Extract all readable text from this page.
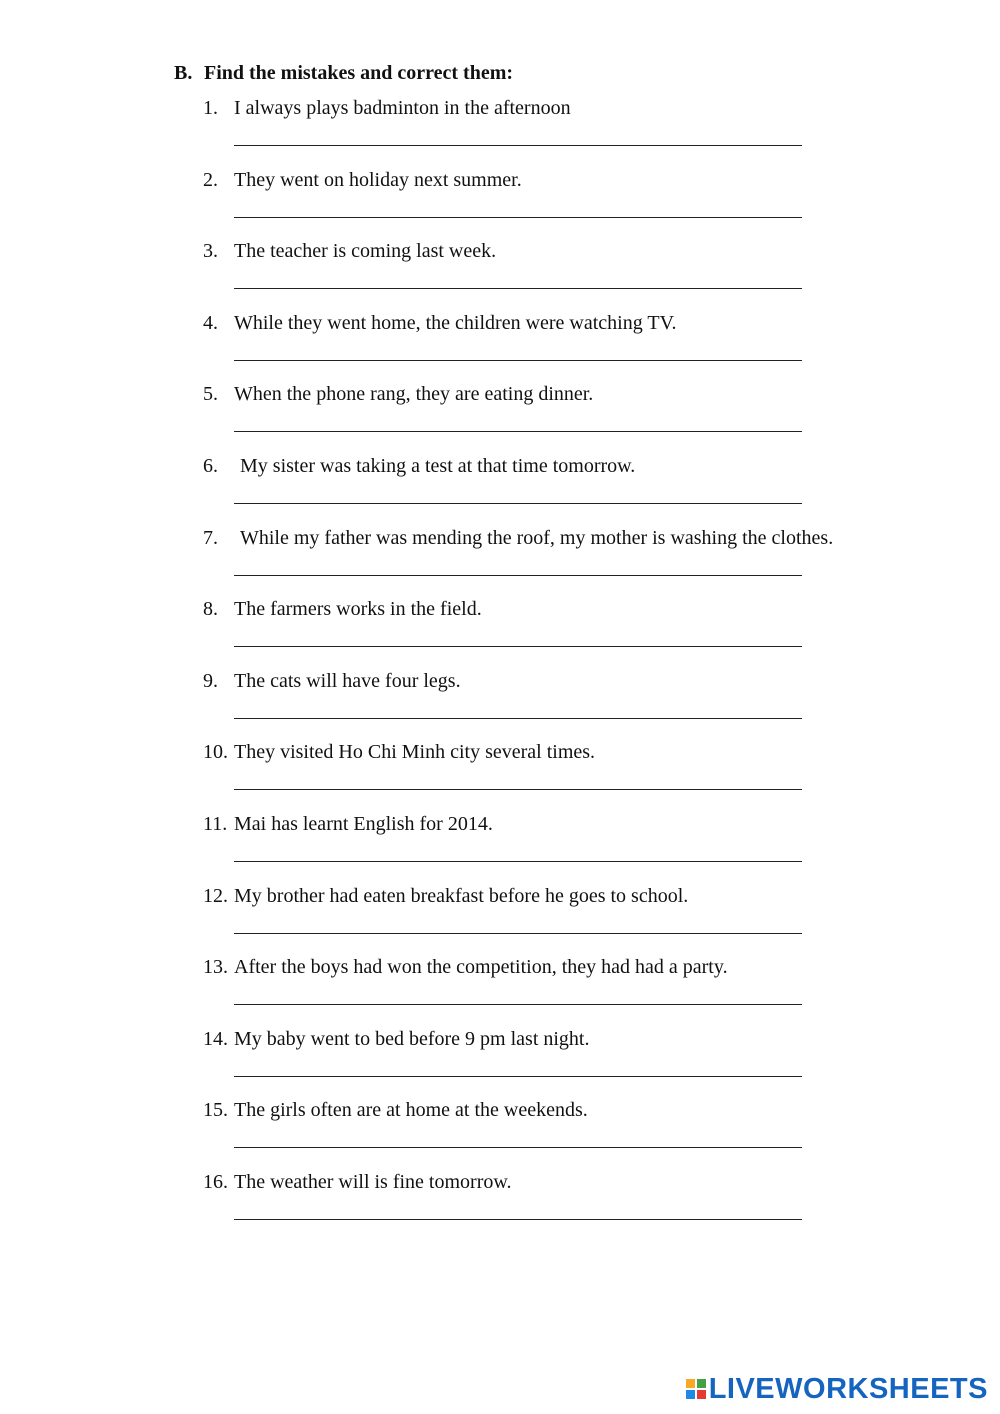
B. Find the mistakes and correct them:
1. I always plays badminton in the afternoon
2. They went on holiday next summer.
3. The teacher is coming last week.
4. While they went home, the children were watching TV.
5. When the phone rang, they are eating dinner.
6. My sister was taking a test at that time tomorrow.
7. While my father was mending the roof, my mother is washing the clothes.
8. The farmers works in the field.
9. The cats will have four legs.
10. They visited Ho Chi Minh city several times.
11. Mai has learnt English for 2014.
12. My brother had eaten breakfast before he goes to school.
13. After the boys had won the competition, they had had a party.
14. My baby went to bed before 9 pm last night.
15. The girls often are at home at the weekends.
16. The weather will is fine tomorrow.
LIVEWORKSHEETS
